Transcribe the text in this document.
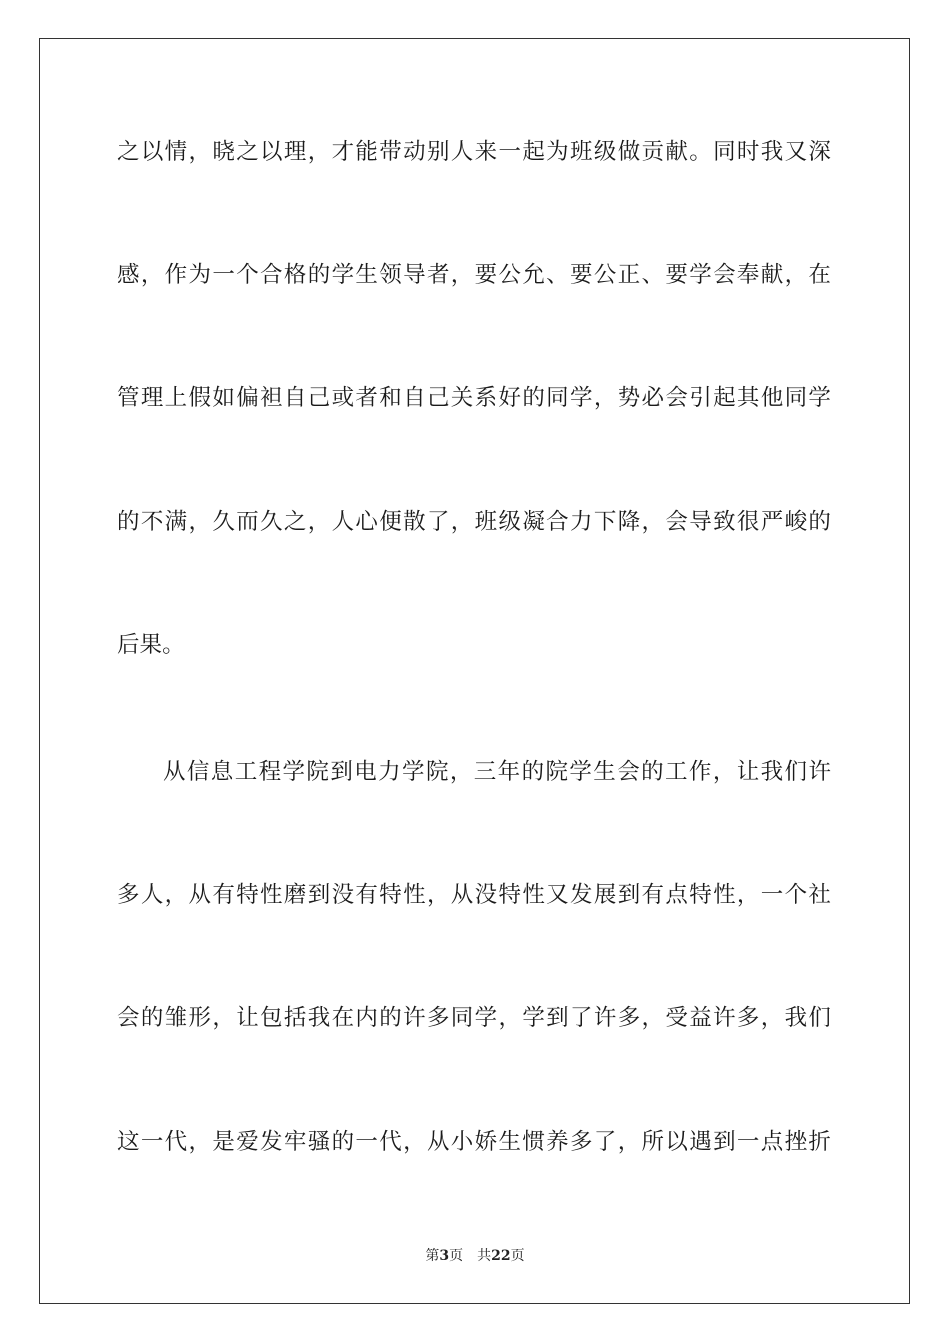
之以情，晓之以理，才能带动别人来一起为班级做贡献。同时我又深
感，作为一个合格的学生领导者，要公允、要公正、要学会奉献，在
管理上假如偏袒自己或者和自己关系好的同学，势必会引起其他同学
的不满，久而久之，人心便散了，班级凝合力下降，会导致很严峻的
后果。
从信息工程学院到电力学院，三年的院学生会的工作，让我们许
多人，从有特性磨到没有特性，从没特性又发展到有点特性，一个社
会的雏形，让包括我在内的许多同学，学到了许多，受益许多，我们
这一代，是爱发牢骚的一代，从小娇生惯养多了，所以遇到一点挫折
第3页 共22页
